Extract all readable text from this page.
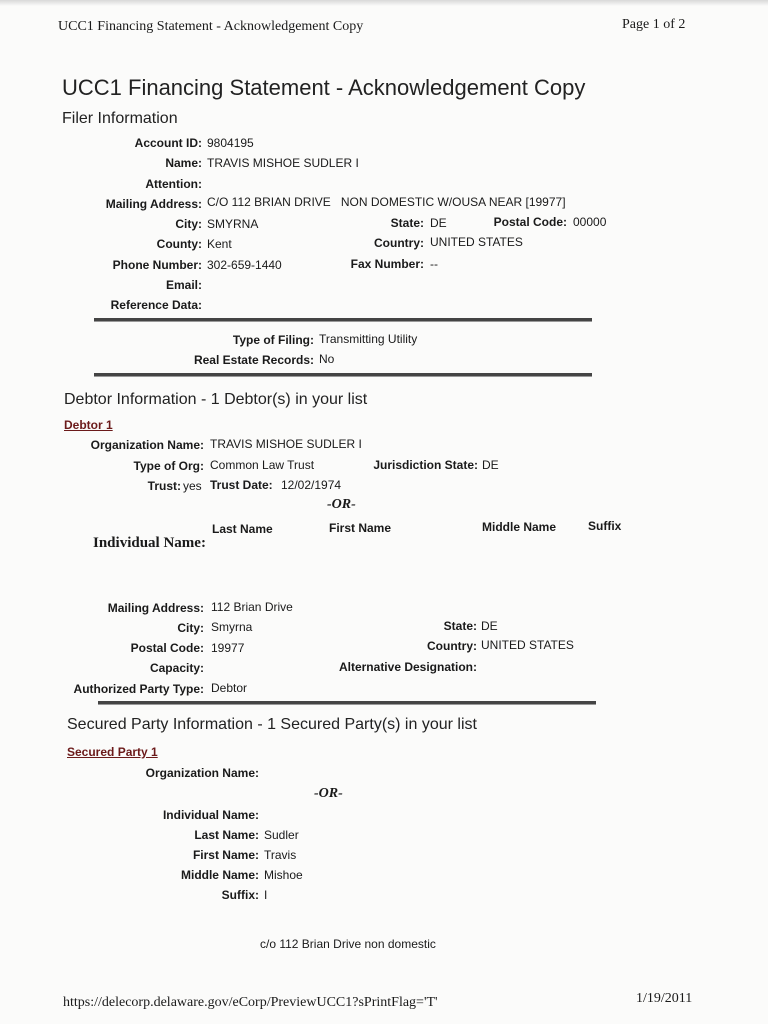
UCC1 Financing Statement - Acknowledgement Copy	Page 1 of 2
UCC1 Financing Statement - Acknowledgement Copy
Filer Information
Account ID: 9804195
Name: TRAVIS MISHOE SUDLER I
Attention:
Mailing Address: C/O 112 BRIAN DRIVE   NON DOMESTIC W/OUSA NEAR [19977]
City: SMYRNA	State: DE	Postal Code: 00000
County: Kent	Country: UNITED STATES
Phone Number: 302-659-1440	Fax Number: --
Email:
Reference Data:
Type of Filing: Transmitting Utility
Real Estate Records: No
Debtor Information - 1 Debtor(s) in your list
Debtor 1
Organization Name: TRAVIS MISHOE SUDLER I
Type of Org: Common Law Trust	Jurisdiction State: DE
Trust: yes Trust Date: 12/02/1974
-OR-
Last Name	First Name	Middle Name	Suffix
Individual Name:
Mailing Address: 112 Brian Drive
City: Smyrna	State: DE
Postal Code: 19977	Country: UNITED STATES
Capacity:	Alternative Designation:
Authorized Party Type: Debtor
Secured Party Information - 1 Secured Party(s) in your list
Secured Party 1
Organization Name:
-OR-
Individual Name:
Last Name: Sudler
First Name: Travis
Middle Name: Mishoe
Suffix: I
c/o 112 Brian Drive non domestic
https://delecorp.delaware.gov/eCorp/PreviewUCC1?sPrintFlag='T'	1/19/2011
